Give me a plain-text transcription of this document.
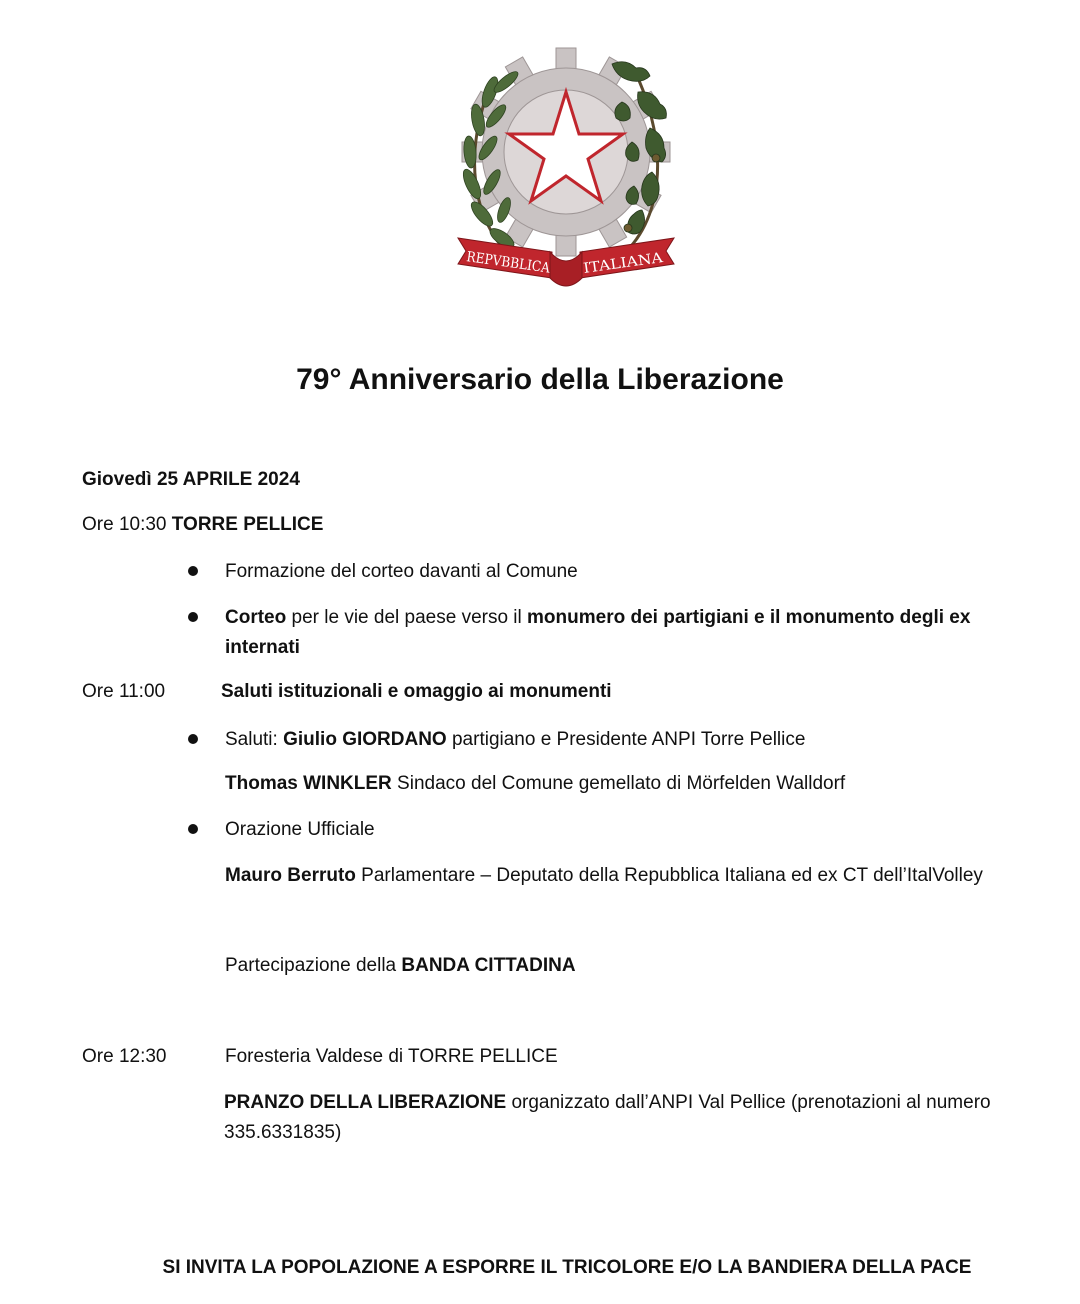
REPVBBLICA ITALIANA
79° Anniversario della Liberazione
Giovedì 25 APRILE 2024
Ore 10:30 TORRE PELLICE
Formazione del corteo davanti al Comune
Corteo per le vie del paese verso il monumero dei partigiani e il monumento degli ex
internati
Ore 11:00	Saluti istituzionali e omaggio ai monumenti
Saluti: Giulio GIORDANO partigiano e Presidente ANPI Torre Pellice
Thomas WINKLER Sindaco del Comune gemellato di Mörfelden Walldorf
Orazione Ufficiale
Mauro Berruto Parlamentare – Deputato della Repubblica Italiana ed ex CT dell’ItalVolley
Partecipazione della BANDA CITTADINA
Ore 12:30	Foresteria Valdese di TORRE PELLICE
PRANZO DELLA LIBERAZIONE organizzato dall’ANPI Val Pellice (prenotazioni al numero
335.6331835)
SI INVITA LA POPOLAZIONE A ESPORRE IL TRICOLORE E/O LA BANDIERA DELLA PACE
